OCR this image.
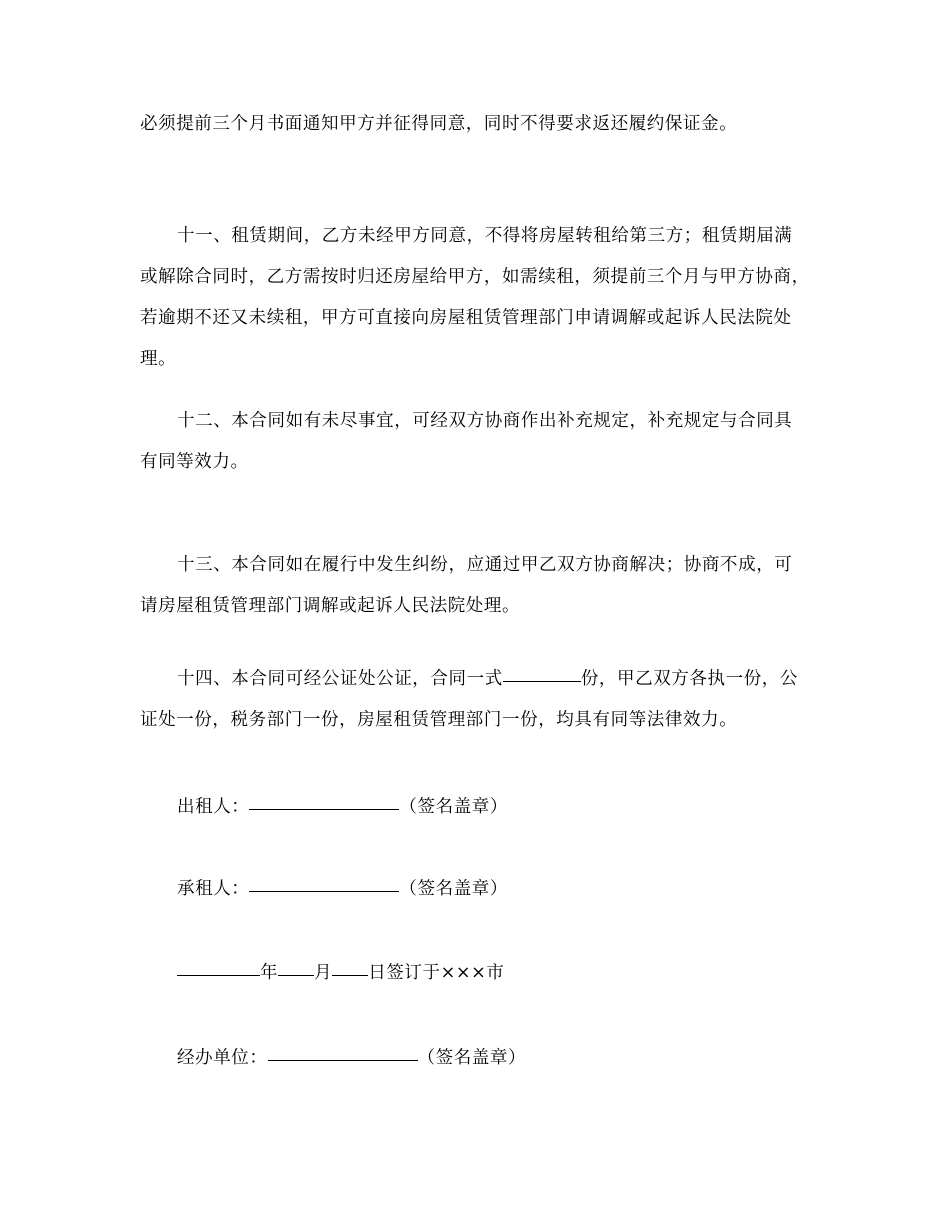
必须提前三个月书面通知甲方并征得同意，同时不得要求返还履约保证金。
十一、租赁期间，乙方未经甲方同意，不得将房屋转租给第三方；租赁期届满
或解除合同时，乙方需按时归还房屋给甲方，如需续租，须提前三个月与甲方协商，
若逾期不还又未续租，甲方可直接向房屋租赁管理部门申请调解或起诉人民法院处
理。
十二、本合同如有未尽事宜，可经双方协商作出补充规定，补充规定与合同具
有同等效力。
十三、本合同如在履行中发生纠纷，应通过甲乙双方协商解决；协商不成，可
请房屋租赁管理部门调解或起诉人民法院处理。
十四、本合同可经公证处公证，合同一式	份，甲乙双方各执一份，公
证处一份，税务部门一份，房屋租赁管理部门一份，均具有同等法律效力。
出租人：	（签名盖章）
承租人：	（签名盖章）
年 月 日签订于×××市
经办单位：	（签名盖章）
